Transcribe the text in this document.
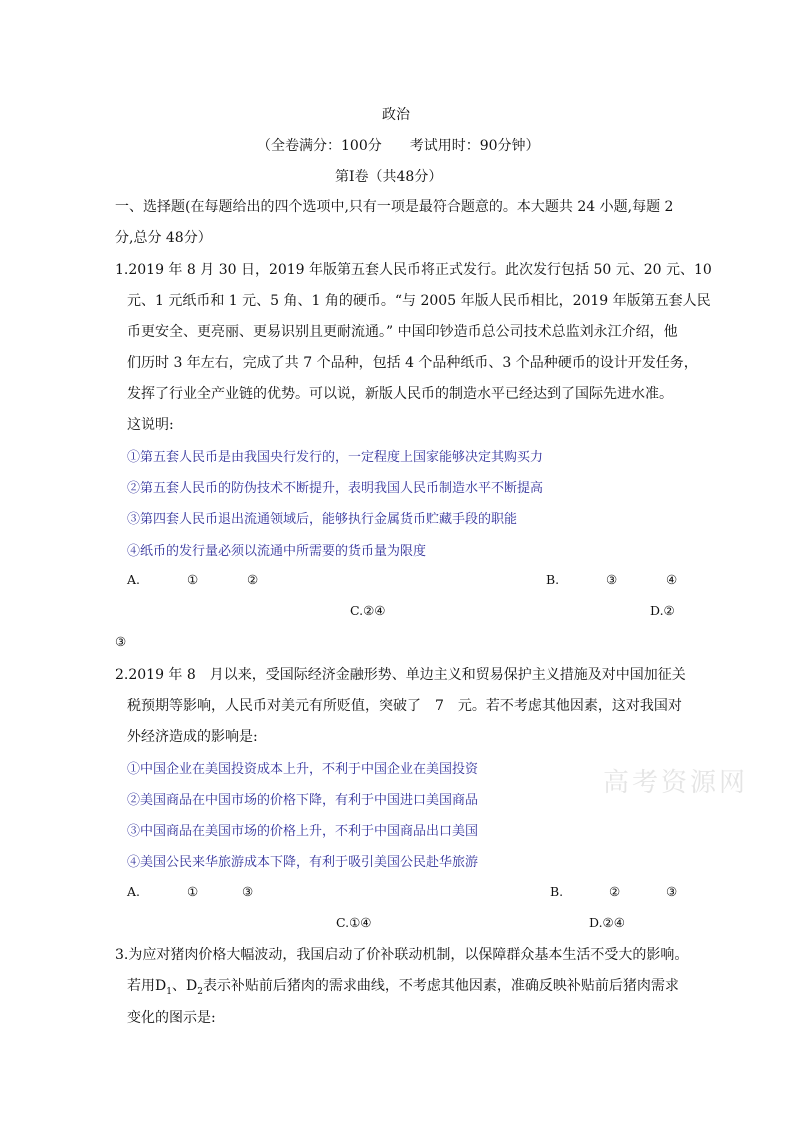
政治
（全卷满分：100分　　考试用时：90分钟）
第Ⅰ卷（共48分）
一、选择题(在每题给出的四个选项中,只有一项是最符合题意的。本大题共 24 小题,每题 2
分,总分 48分）
1.2019 年 8 月 30 日，2019 年版第五套人民币将正式发行。此次发行包括 50 元、20 元、10
元、1 元纸币和 1 元、5 角、1 角的硬币。“与 2005 年版人民币相比，2019 年版第五套人民
币更安全、更亮丽、更易识别且更耐流通。” 中国印钞造币总公司技术总监刘永江介绍，他
们历时 3 年左右，完成了共 7 个品种，包括 4 个品种纸币、3 个品种硬币的设计开发任务，
发挥了行业全产业链的优势。可以说，新版人民币的制造水平已经达到了国际先进水准。
这说明:
①第五套人民币是由我国央行发行的，一定程度上国家能够决定其购买力
②第五套人民币的防伪技术不断提升，表明我国人民币制造水平不断提高
③第四套人民币退出流通领域后，能够执行金属货币贮藏手段的职能
④纸币的发行量必须以流通中所需要的货币量为限度
A.	①	②	B.	③	④
C.②④	D.②
③
2.2019 年 8　月以来，受国际经济金融形势、单边主义和贸易保护主义措施及对中国加征关
税预期等影响，人民币对美元有所贬值，突破了　7　元。若不考虑其他因素，这对我国对
外经济造成的影响是:
①中国企业在美国投资成本上升，不利于中国企业在美国投资
②美国商品在中国市场的价格下降，有利于中国进口美国商品
③中国商品在美国市场的价格上升，不利于中国商品出口美国
④美国公民来华旅游成本下降，有利于吸引美国公民赴华旅游
A.	①	③	B.	②	③
C.①④	D.②④
3.为应对猪肉价格大幅波动，我国启动了价补联动机制，以保障群众基本生活不受大的影响。
若用$D_1$、$D_2$表示补贴前后猪肉的需求曲线，不考虑其他因素，准确反映补贴前后猪肉需求
变化的图示是:
高考资源网
